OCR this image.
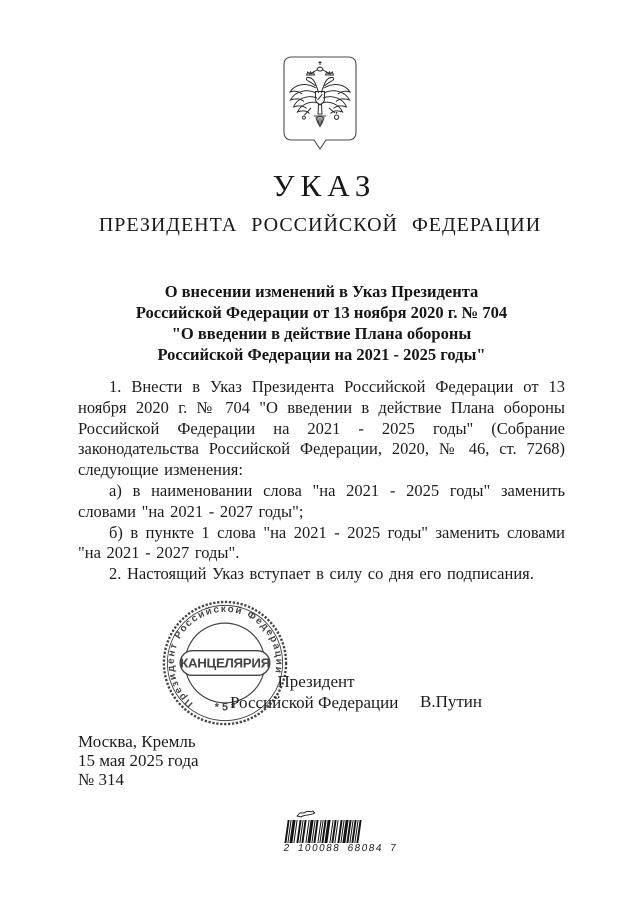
УКАЗ
ПРЕЗИДЕНТА РОССИЙСКОЙ ФЕДЕРАЦИИ
О внесении изменений в Указ Президента
Российской Федерации от 13 ноября 2020 г. № 704
"О введении в действие Плана обороны
Российской Федерации на 2021 - 2025 годы"

1. Внести в Указ Президента Российской Федерации от 13 ноября 2020 г. № 704 "О введении в действие Плана обороны Российской Федерации на 2021 - 2025 годы" (Собрание законодательства Российской Федерации, 2020, № 46, ст. 7268) следующие изменения:

а) в наименовании слова "на 2021 - 2025 годы" заменить словами "на 2021 - 2027 годы";

б) в пункте 1 слова "на 2021 - 2025 годы" заменить словами "на 2021 - 2027 годы".

2. Настоящий Указ вступает в силу со дня его подписания.

Президент
Российской Федерации В.Путин
Президент Российской Федерации
* 5 *
КАНЦЕЛЯРИЯ
Москва, Кремль
15 мая 2025 года
№ 314
2 100088 68084 7
